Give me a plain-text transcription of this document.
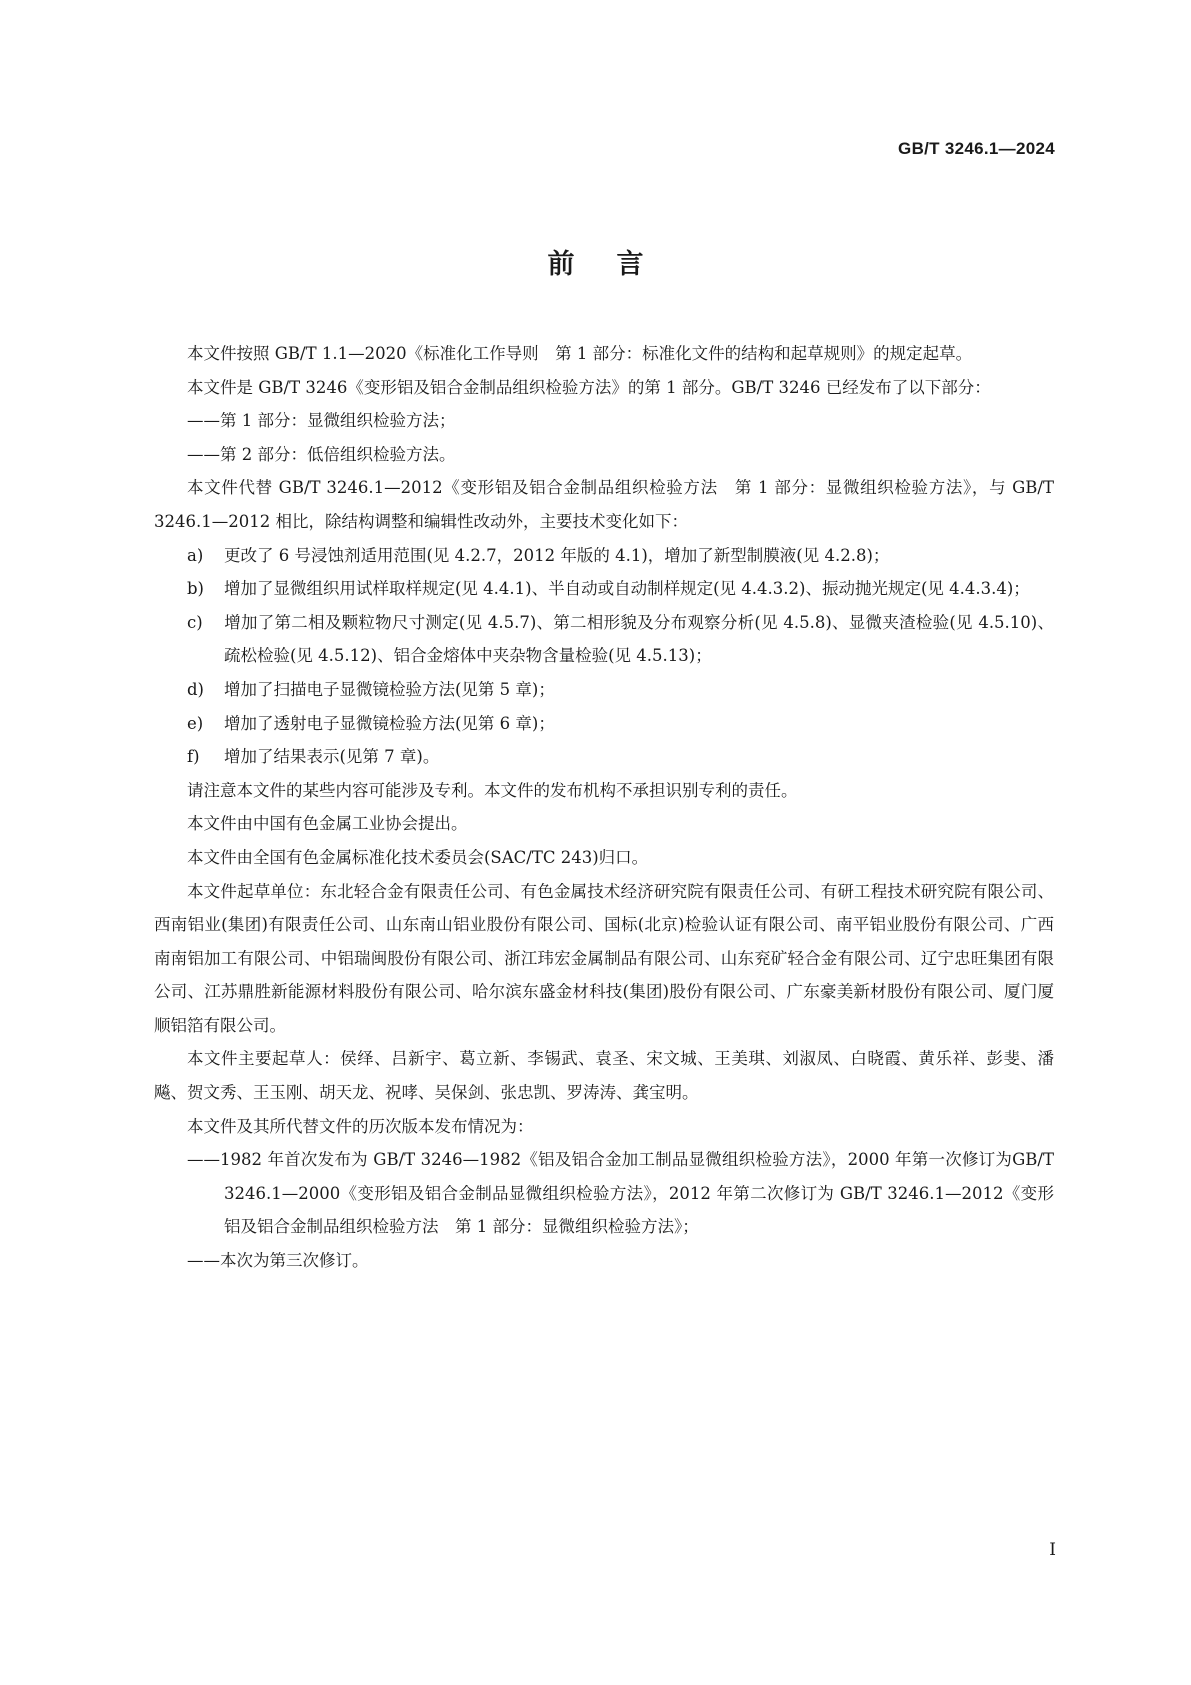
GB/T 3246.1—2024
前言

本文件按照 GB/T 1.1—2020《标准化工作导则　第 1 部分：标准化文件的结构和起草规则》的规定起草。

本文件是 GB/T 3246《变形铝及铝合金制品组织检验方法》的第 1 部分。GB/T 3246 已经发布了以下部分：

——第 1 部分：显微组织检验方法；

——第 2 部分：低倍组织检验方法。

本文件代替 GB/T 3246.1—2012《变形铝及铝合金制品组织检验方法　第 1 部分：显微组织检验方法》，与 GB/T 3246.1—2012 相比，除结构调整和编辑性改动外，主要技术变化如下：

a) 更改了 6 号浸蚀剂适用范围(见 4.2.7，2012 年版的 4.1)，增加了新型制膜液(见 4.2.8)；

b) 增加了显微组织用试样取样规定(见 4.4.1)、半自动或自动制样规定(见 4.4.3.2)、振动抛光规定(见 4.4.3.4)；

c) 增加了第二相及颗粒物尺寸测定(见 4.5.7)、第二相形貌及分布观察分析(见 4.5.8)、显微夹渣检验(见 4.5.10)、疏松检验(见 4.5.12)、铝合金熔体中夹杂物含量检验(见 4.5.13)；

d) 增加了扫描电子显微镜检验方法(见第 5 章)；

e) 增加了透射电子显微镜检验方法(见第 6 章)；

f) 增加了结果表示(见第 7 章)。

请注意本文件的某些内容可能涉及专利。本文件的发布机构不承担识别专利的责任。

本文件由中国有色金属工业协会提出。

本文件由全国有色金属标准化技术委员会(SAC/TC 243)归口。

本文件起草单位：东北轻合金有限责任公司、有色金属技术经济研究院有限责任公司、有研工程技术研究院有限公司、西南铝业(集团)有限责任公司、山东南山铝业股份有限公司、国标(北京)检验认证有限公司、南平铝业股份有限公司、广西南南铝加工有限公司、中铝瑞闽股份有限公司、浙江玮宏金属制品有限公司、山东兖矿轻合金有限公司、辽宁忠旺集团有限公司、江苏鼎胜新能源材料股份有限公司、哈尔滨东盛金材科技(集团)股份有限公司、广东豪美新材股份有限公司、厦门厦顺铝箔有限公司。

本文件主要起草人：侯绎、吕新宇、葛立新、李锡武、袁圣、宋文城、王美琪、刘淑凤、白晓霞、黄乐祥、彭斐、潘飚、贺文秀、王玉刚、胡天龙、祝哮、吴保剑、张忠凯、罗涛涛、龚宝明。

本文件及其所代替文件的历次版本发布情况为：

——1982 年首次发布为 GB/T 3246—1982《铝及铝合金加工制品显微组织检验方法》，2000 年第一次修订为GB/T 3246.1—2000《变形铝及铝合金制品显微组织检验方法》，2012 年第二次修订为 GB/T 3246.1—2012《变形铝及铝合金制品组织检验方法　第 1 部分：显微组织检验方法》；

——本次为第三次修订。

I
